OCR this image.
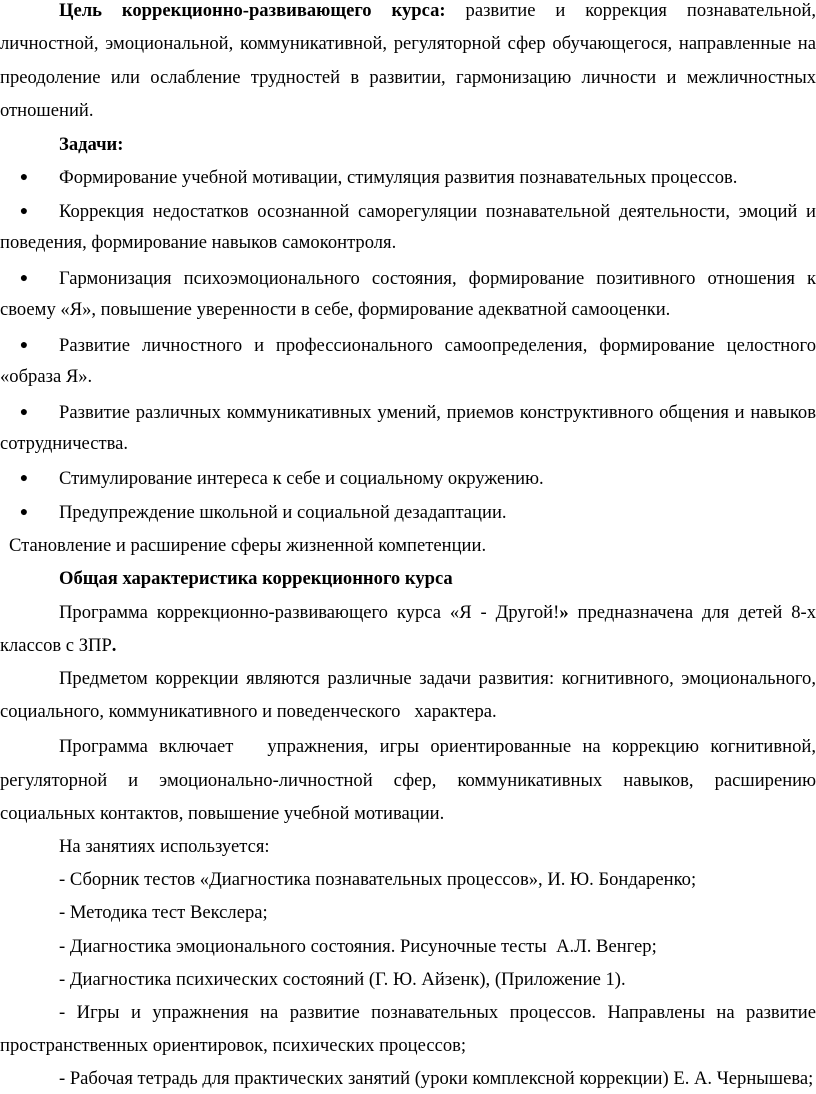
Цель коррекционно-развивающего курса: развитие и коррекция познавательной,

личностной, эмоциональной, коммуникативной, регуляторной сфер обучающегося, направленные на

преодоление или ослабление трудностей в развитии, гармонизацию личности и межличностных

отношений.

Задачи:

●	Формирование учебной мотивации, стимуляция развития познавательных процессов.
●	Коррекция недостатков осознанной саморегуляции познавательной деятельности, эмоций и

поведения, формирование навыков самоконтроля.

●	Гармонизация психоэмоционального состояния, формирование позитивного отношения к

своему «Я», повышение уверенности в себе, формирование адекватной самооценки.

●	Развитие личностного и профессионального самоопределения, формирование целостного

«образа Я».

●	Развитие различных коммуникативных умений, приемов конструктивного общения и навыков

сотрудничества.

●	Стимулирование интереса к себе и социальному окружению.
●	Предупреждение школьной и социальной дезадаптации.

Становление и расширение сферы жизненной компетенции.

Общая характеристика коррекционного курса

Программа коррекционно-развивающего курса «Я - Другой!» предназначена для детей 8-х

классов с ЗПР.

Предметом коррекции являются различные задачи развития: когнитивного, эмоционального,

социального, коммуникативного и поведенческого   характера.

Программа включает   упражнения, игры ориентированные на коррекцию когнитивной,

регуляторной и эмоционально-личностной сфер, коммуникативных навыков, расширению

социальных контактов, повышение учебной мотивации.

На занятиях используется:

- Сборник тестов «Диагностика познавательных процессов», И. Ю. Бондаренко;

- Методика тест Векслера;

- Диагностика эмоционального состояния. Рисуночные тесты  А.Л. Венгер;

- Диагностика психических состояний (Г. Ю. Айзенк), (Приложение 1).

- Игры и упражнения на развитие познавательных процессов. Направлены на развитие

пространственных ориентировок, психических процессов;

- Рабочая тетрадь для практических занятий (уроки комплексной коррекции) Е. А. Чернышева;
